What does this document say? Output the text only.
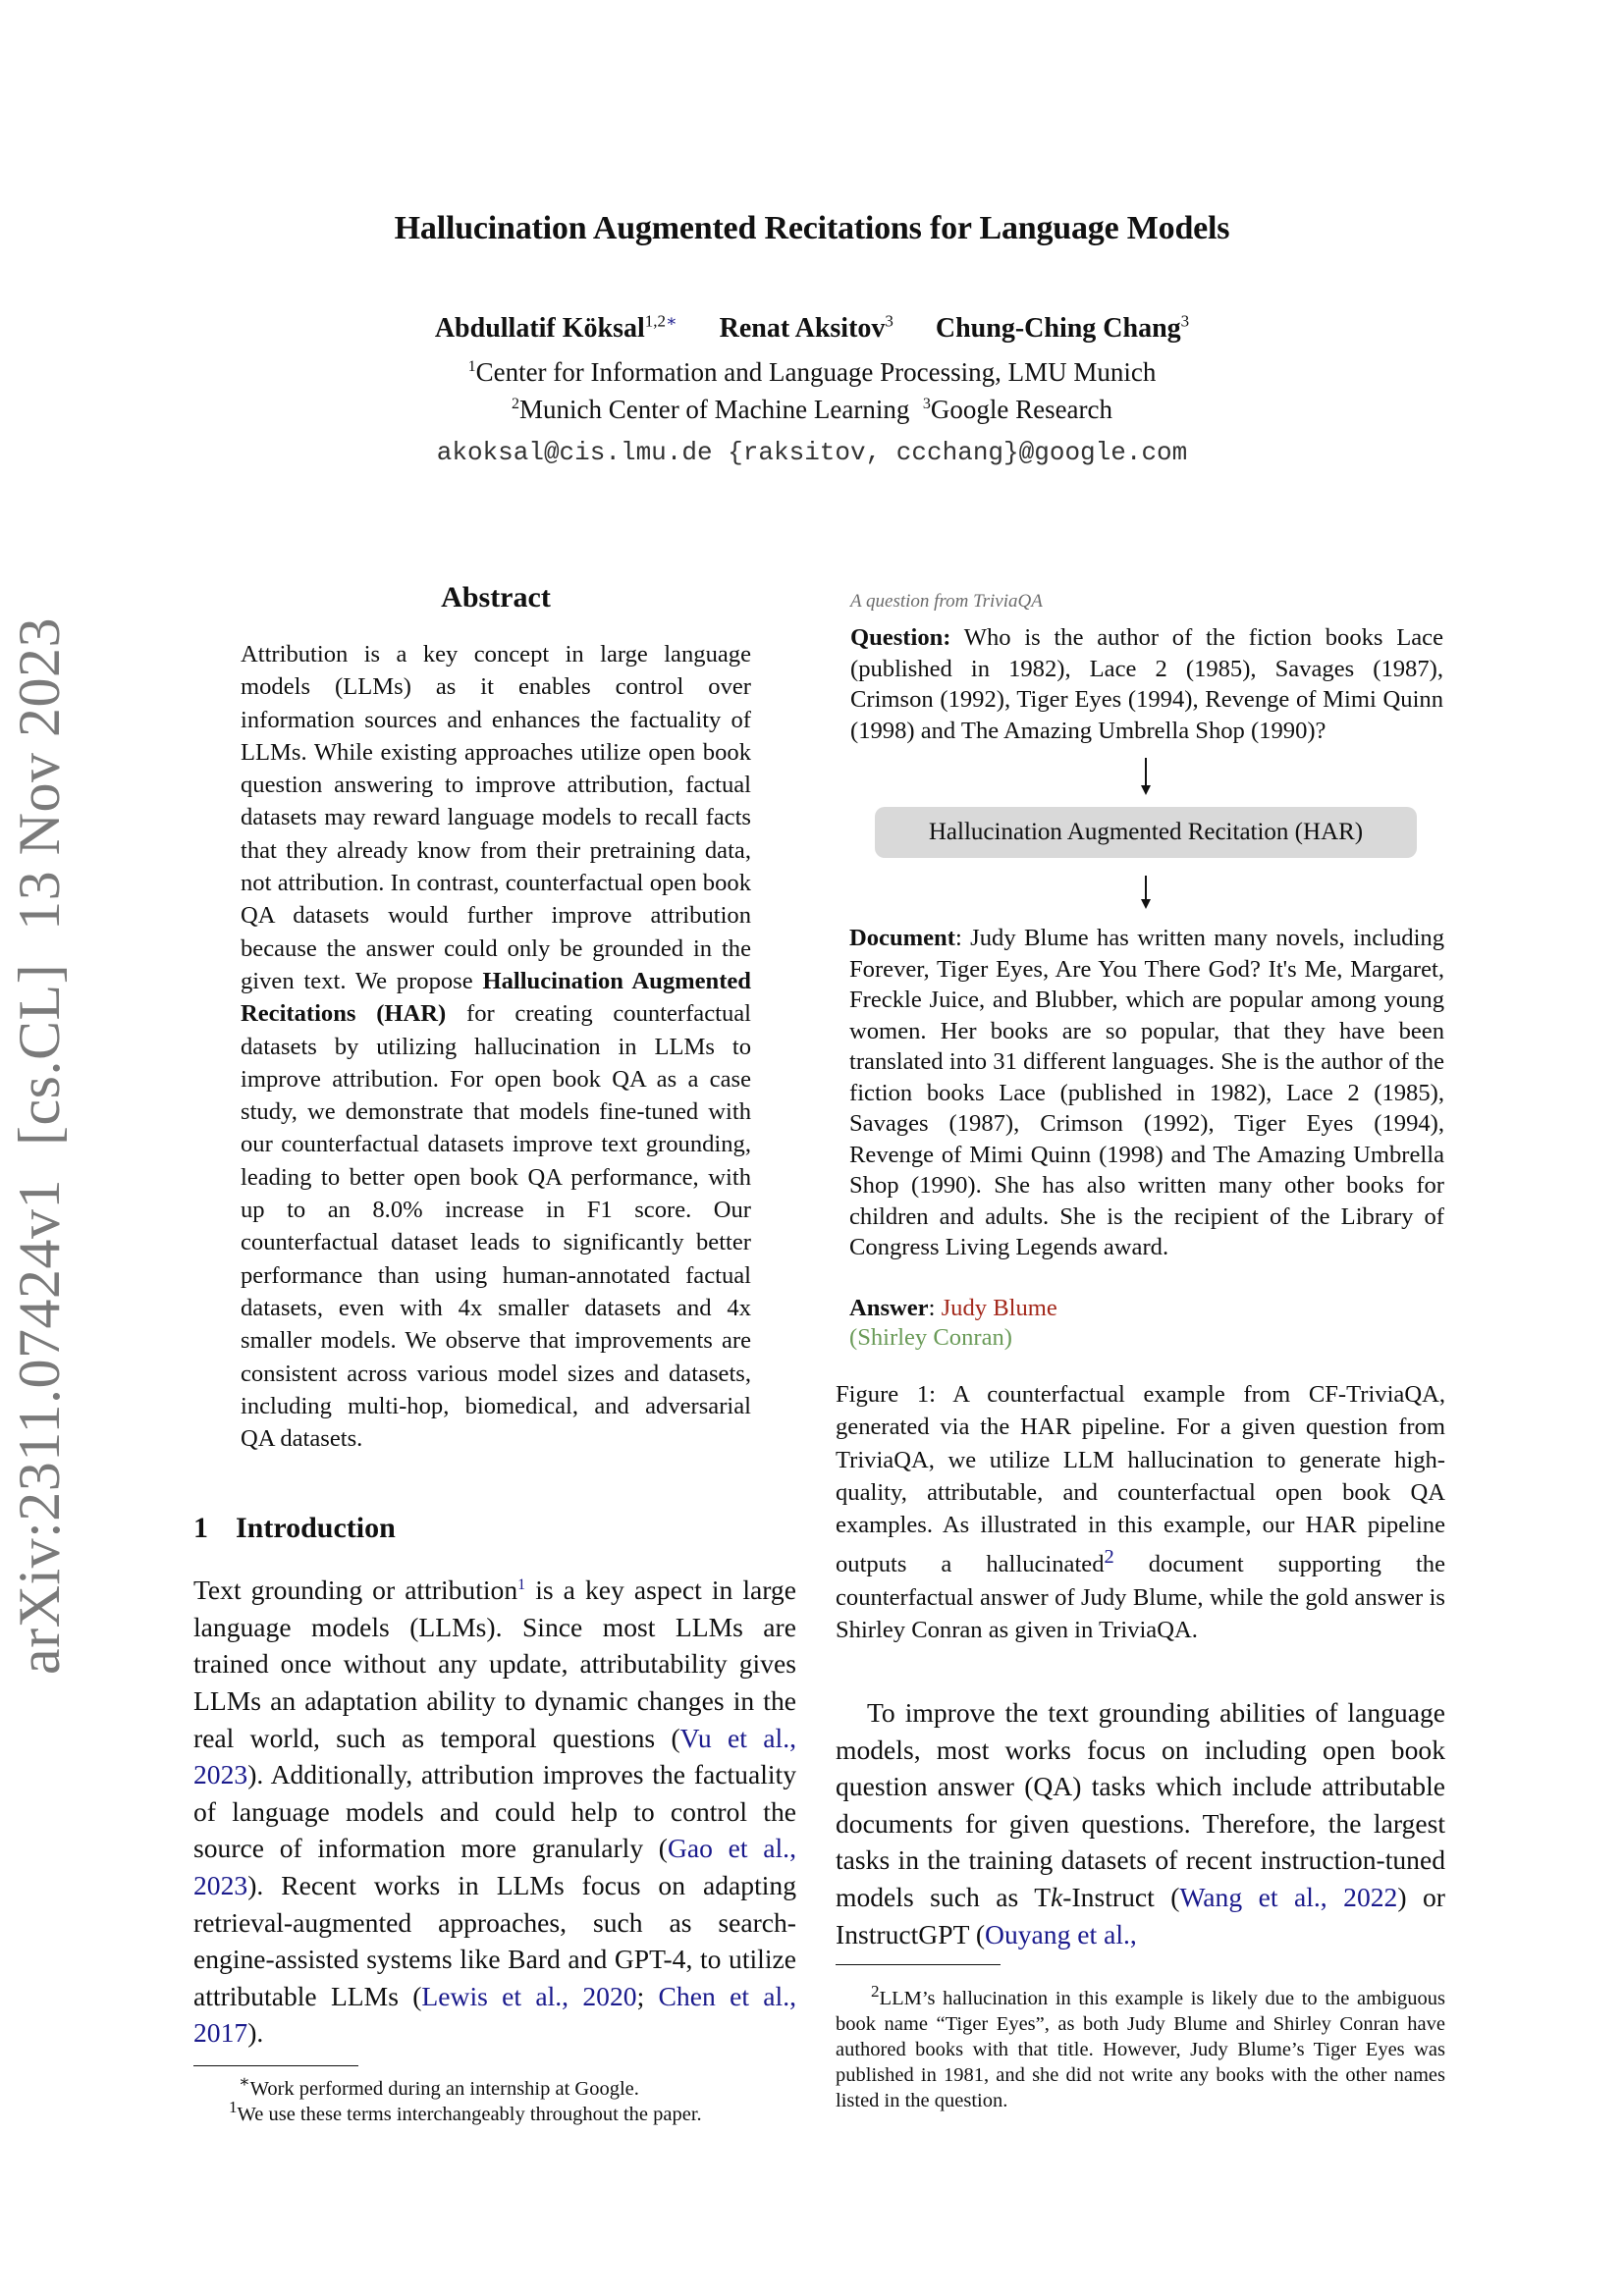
Hallucination Augmented Recitations for Language Models
Abdullatif Köksal$^{1,2∗}$ Renat Aksitov$^3$ Chung-Ching Chang$^3$
$^1$Center for Information and Language Processing, LMU Munich
$^2$Munich Center of Machine Learning $^3$Google Research
akoksal@cis.lmu.de {raksitov, ccchang}@google.com
arXiv:2311.07424v1
[cs.CL]
13 Nov 2023
Abstract
Attribution is a key concept in large language models (LLMs) as it enables control over information sources and enhances the factuality of LLMs. While existing approaches utilize open book question answering to improve attribution, factual datasets may reward language models to recall facts that they already know from their pretraining data, not attribution. In contrast, counterfactual open book QA datasets would further improve attribution because the answer could only be grounded in the given text. We propose Hallucination Augmented Recitations (HAR) for creating counterfactual datasets by utilizing hallucination in LLMs to improve attribution. For open book QA as a case study, we demonstrate that models fine-tuned with our counterfactual datasets improve text grounding, leading to better open book QA performance, with up to an 8.0% increase in F1 score. Our counterfactual dataset leads to significantly better performance than using human-annotated factual datasets, even with 4x smaller datasets and 4x smaller models. We observe that improvements are consistent across various model sizes and datasets, including multi-hop, biomedical, and adversarial QA datasets.
1 Introduction
Text grounding or attribution$^1$ is a key aspect in large language models (LLMs). Since most LLMs are trained once without any update, attributability gives LLMs an adaptation ability to dynamic changes in the real world, such as temporal questions (Vu et al., 2023). Additionally, attribution improves the factuality of language models and could help to control the source of information more granularly (Gao et al., 2023). Recent works in LLMs focus on adapting retrieval-augmented approaches, such as search-engine-assisted systems like Bard and GPT-4, to utilize attributable LLMs (Lewis et al., 2020; Chen et al., 2017).
∗Work performed during an internship at Google.
$^1$We use these terms interchangeably throughout the paper.
A question from TriviaQA
Question: Who is the author of the fiction books Lace (published in 1982), Lace 2 (1985), Savages (1987), Crimson (1992), Tiger Eyes (1994), Revenge of Mimi Quinn (1998) and The Amazing Umbrella Shop (1990)?
Hallucination Augmented Recitation (HAR)
Document: Judy Blume has written many novels, including Forever, Tiger Eyes, Are You There God? It's Me, Margaret, Freckle Juice, and Blubber, which are popular among young women. Her books are so popular, that they have been translated into 31 different languages. She is the author of the fiction books Lace (published in 1982), Lace 2 (1985), Savages (1987), Crimson (1992), Tiger Eyes (1994), Revenge of Mimi Quinn (1998) and The Amazing Umbrella Shop (1990). She has also written many other books for children and adults. She is the recipient of the Library of Congress Living Legends award.
Answer: Judy Blume
(Shirley Conran)
Figure 1: A counterfactual example from CF-TriviaQA, generated via the HAR pipeline. For a given question from TriviaQA, we utilize LLM hallucination to generate high-quality, attributable, and counterfactual open book QA examples. As illustrated in this example, our HAR pipeline outputs a hallucinated$^2$ document supporting the counterfactual answer of Judy Blume, while the gold answer is Shirley Conran as given in TriviaQA.
To improve the text grounding abilities of language models, most works focus on including open book question answer (QA) tasks which include attributable documents for given questions. Therefore, the largest tasks in the training datasets of recent instruction-tuned models such as Tk-Instruct (Wang et al., 2022) or InstructGPT (Ouyang et al.,
$^2$LLM’s hallucination in this example is likely due to the ambiguous book name “Tiger Eyes”, as both Judy Blume and Shirley Conran have authored books with that title. However, Judy Blume’s Tiger Eyes was published in 1981, and she did not write any books with the other names listed in the question.
